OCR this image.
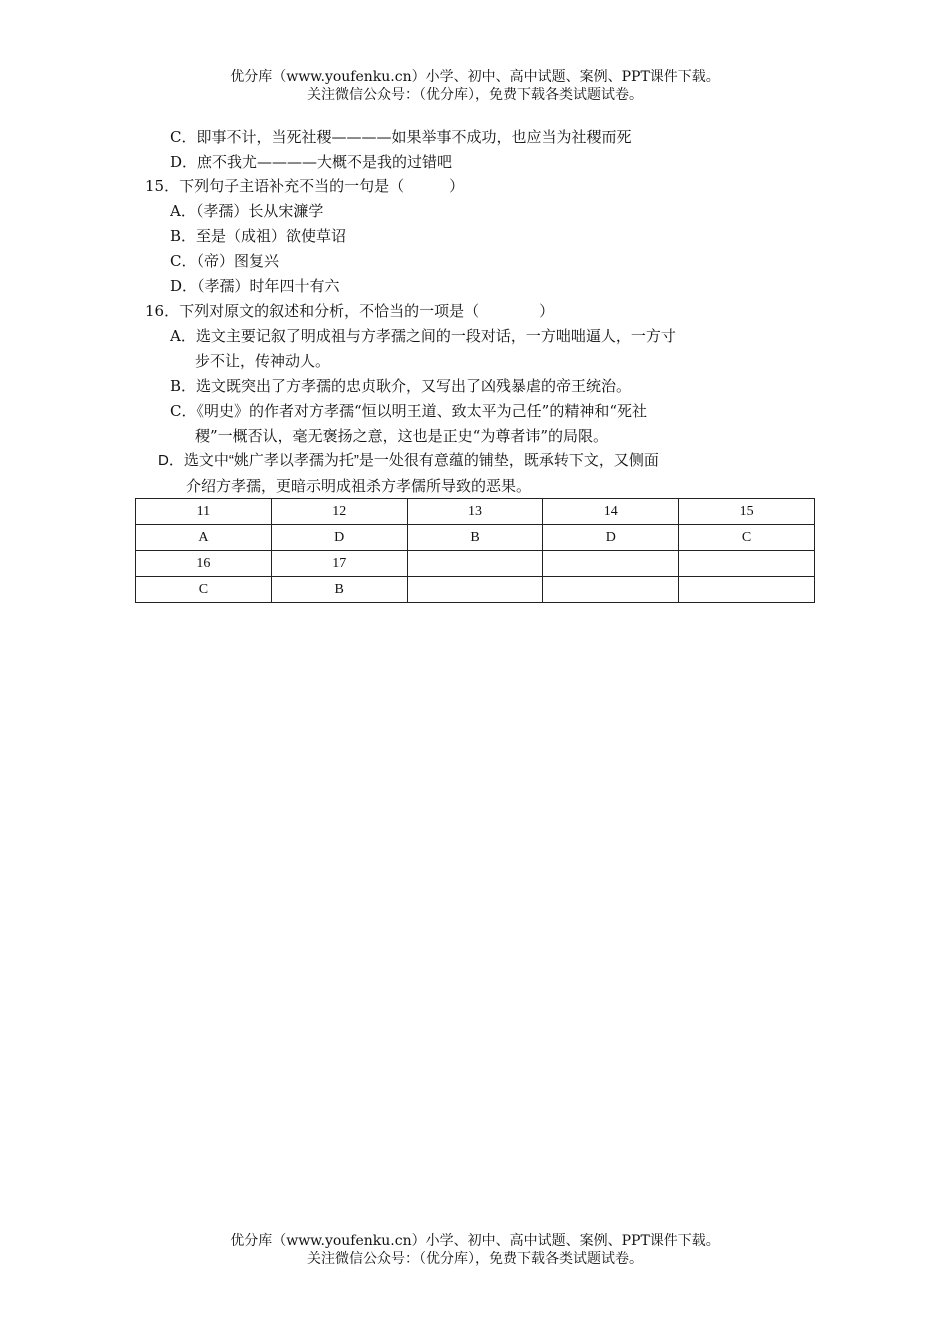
优分库（www.youfenku.cn）小学、初中、高中试题、案例、PPT课件下载。
关注微信公众号：（优分库），免费下载各类试题试卷。
C．即事不计，当死社稷————如果举事不成功，也应当为社稷而死
D．庶不我尤————大概不是我的过错吧
15．下列句子主语补充不当的一句是（　　　）
A．（孝孺）长从宋濂学
B．至是（成祖）欲使草诏
C．（帝）图复兴
D．（孝孺）时年四十有六
16．下列对原文的叙述和分析，不恰当的一项是（　　　　）
A．选文主要记叙了明成祖与方孝孺之间的一段对话，一方咄咄逼人，一方寸
步不让，传神动人。
B．选文既突出了方孝孺的忠贞耿介，又写出了凶残暴虐的帝王统治。
C．《明史》的作者对方孝孺“恒以明王道、致太平为己任”的精神和“死社
稷”一概否认，毫无褒扬之意，这也是正史“为尊者讳”的局限。
D．选文中“姚广孝以孝孺为托”是一处很有意蕴的铺垫，既承转下文，又侧面
介绍方孝孺，更暗示明成祖杀方孝儒所导致的恶果。
11	12	13	14	15
A	D	B	D	C
16	17			
C	B			
优分库（www.youfenku.cn）小学、初中、高中试题、案例、PPT课件下载。
关注微信公众号：（优分库），免费下载各类试题试卷。
